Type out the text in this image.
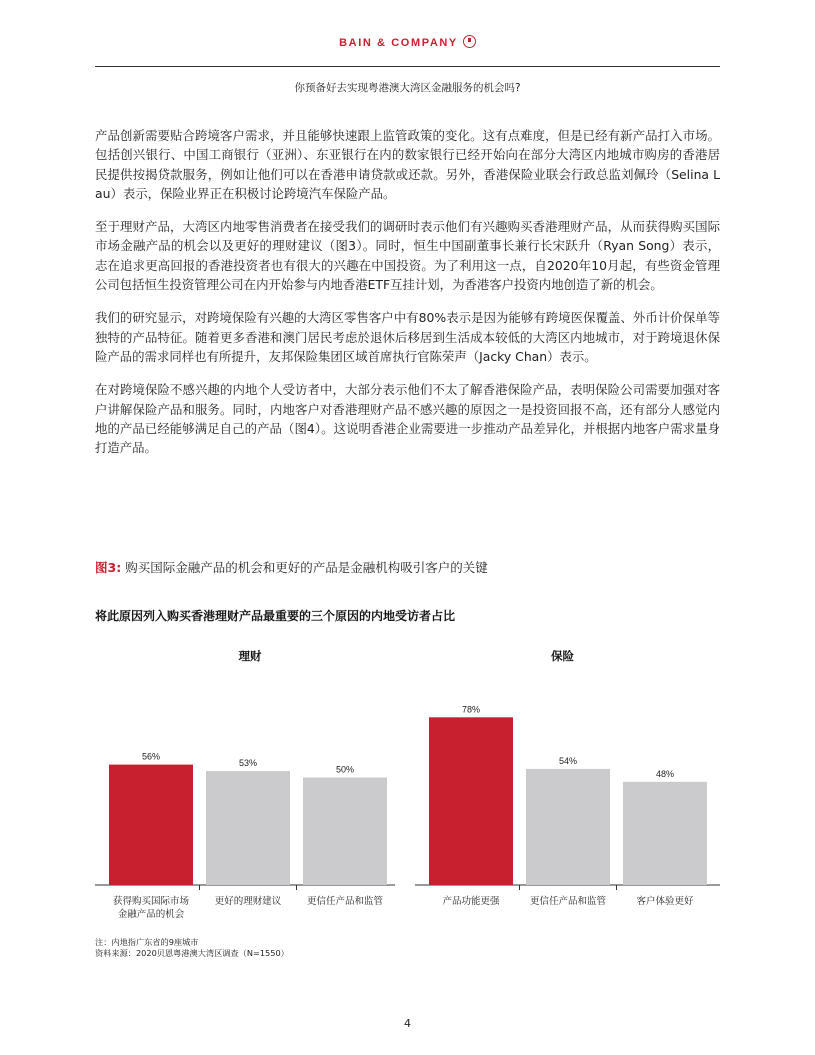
BAIN & COMPANY
你预备好去实现粤港澳大湾区金融服务的机会吗?

产品创新需要贴合跨境客户需求，并且能够快速跟上监管政策的变化。这有点难度，但是已经有新产品打入市场。包括创兴银行、中国工商银行（亚洲）、东亚银行在内的数家银行已经开始向在部分大湾区内地城市购房的香港居民提供按揭贷款服务，例如让他们可以在香港申请贷款或还款。另外，香港保险业联会行政总监刘佩玲（Selina Lau）表示，保险业界正在积极讨论跨境汽车保险产品。

至于理财产品，大湾区内地零售消费者在接受我们的调研时表示他们有兴趣购买香港理财产品，从而获得购买国际市场金融产品的机会以及更好的理财建议（图3）。同时，恒生中国副董事长兼行长宋跃升（Ryan Song）表示，志在追求更高回报的香港投资者也有很大的兴趣在中国投资。为了利用这一点，自2020年10月起，有些资金管理公司包括恒生投资管理公司在内开始参与内地香港ETF互挂计划，为香港客户投资内地创造了新的机会。

我们的研究显示，对跨境保险有兴趣的大湾区零售客户中有80%表示是因为能够有跨境医保覆盖、外币计价保单等独特的产品特征。随着更多香港和澳门居民考虑於退休后移居到生活成本较低的大湾区内地城市，对于跨境退休保险产品的需求同样也有所提升，友邦保险集团区域首席执行官陈荣声（Jacky Chan）表示。

在对跨境保险不感兴趣的内地个人受访者中，大部分表示他们不太了解香港保险产品，表明保险公司需要加强对客户讲解保险产品和服务。同时，内地客户对香港理财产品不感兴趣的原因之一是投资回报不高，还有部分人感觉内地的产品已经能够满足自己的产品（图4）。这说明香港企业需要进一步推动产品差异化，并根据内地客户需求量身打造产品。

图3: 购买国际金融产品的机会和更好的产品是金融机构吸引客户的关键
将此原因列入购买香港理财产品最重要的三个原因的内地受访者占比
理财
56%
获得购买国际市场
金融产品的机会
53%
更好的理财建议
50%
更信任产品和监管
保险
78%
产品功能更强
54%
更信任产品和监管
48%
客户体验更好
注：内地指广东省的9座城市
资料来源：2020贝恩粤港澳大湾区调查（N=1550）
4
